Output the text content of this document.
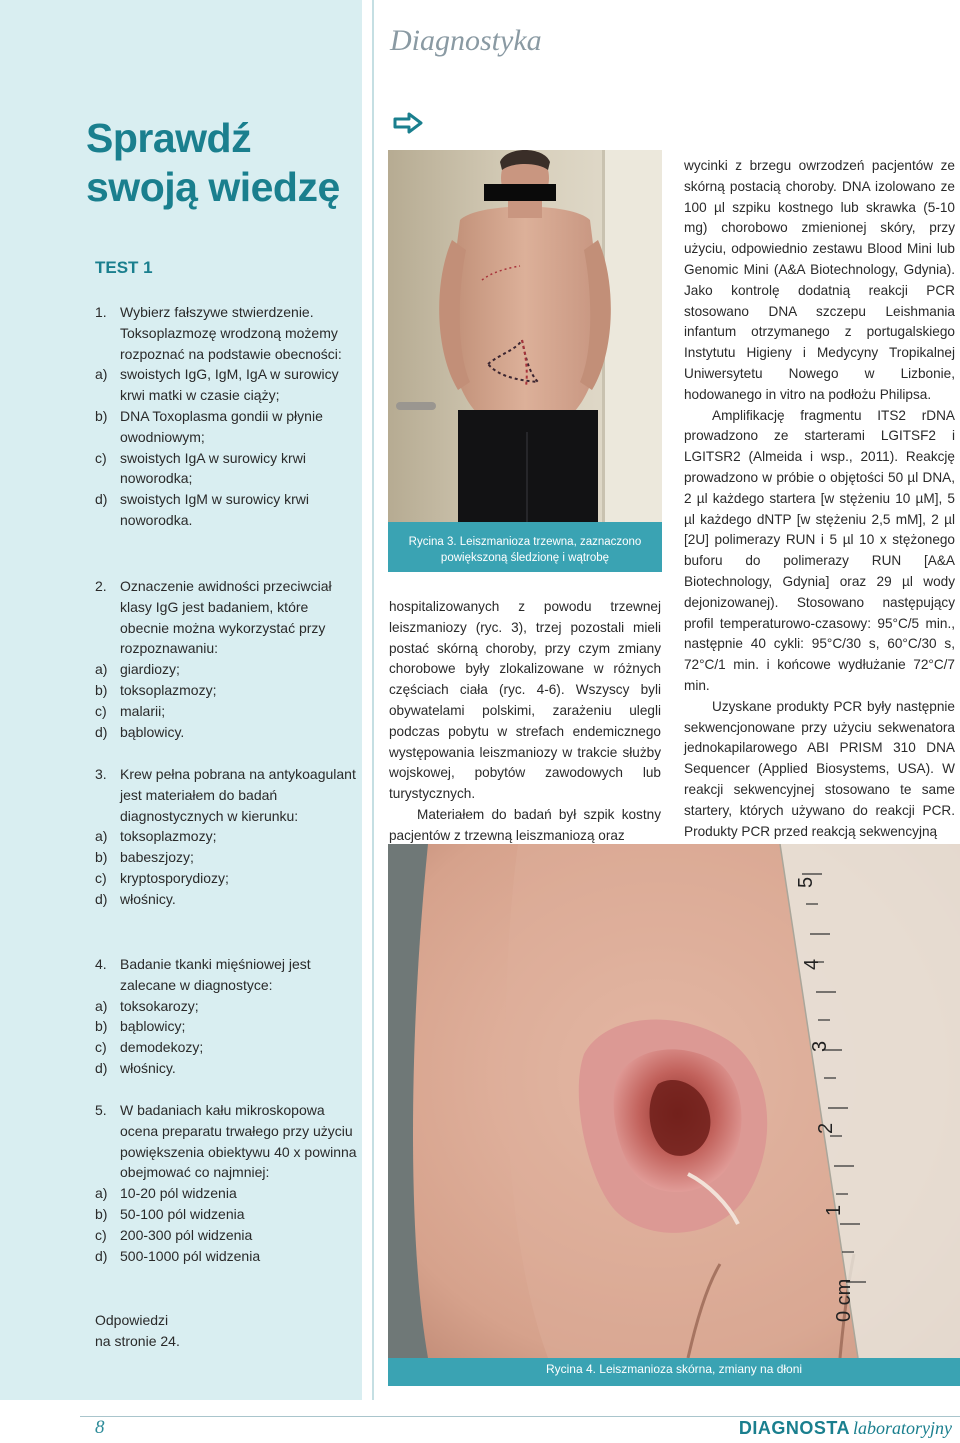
Sprawdź
swoją wiedzę
TEST 1
1. Wybierz fałszywe stwierdzenie. Toksoplazmozę wrodzoną możemy rozpoznać na podstawie obecności:
a) swoistych IgG, IgM, IgA w surowicy krwi matki w czasie ciąży;
b) DNA Toxoplasma gondii w płynie owodniowym;
c) swoistych IgA w surowicy krwi noworodka;
d) swoistych IgM w surowicy krwi noworodka.
2. Oznaczenie awidności przeciwciał klasy IgG jest badaniem, które obecnie można wykorzystać przy rozpoznawaniu:
a) giardiozy;
b) toksoplazmozy;
c) malarii;
d) bąblowicy.
3. Krew pełna pobrana na antykoagulant jest materiałem do badań diagnostycznych w kierunku:
a) toksoplazmozy;
b) babeszjozy;
c) kryptosporydiozy;
d) włośnicy.
4. Badanie tkanki mięśniowej jest zalecane w diagnostyce:
a) toksokarozy;
b) bąblowicy;
c) demodekozy;
d) włośnicy.
5. W badaniach kału mikroskopowa ocena preparatu trwałego przy użyciu powiększenia obiektywu 40 x powinna obejmować co najmniej:
a) 10-20 pól widzenia
b) 50-100 pól widzenia
c) 200-300 pól widzenia
d) 500-1000 pól widzenia
Odpowiedzi
na stronie 24.
Diagnostyka
Rycina 3. Leiszmanioza trzewna, zaznaczono powiększoną śledzionę i wątrobę

hospitalizowanych z powodu trzewnej leiszmaniozy (ryc. 3), trzej pozostali mieli postać skórną choroby, przy czym zmiany chorobowe były zlokalizowane w różnych częściach ciała (ryc. 4-6). Wszyscy byli obywatelami polskimi, zarażeniu ulegli podczas pobytu w strefach endemicznego występowania leiszmaniozy w trakcie służby wojskowej, pobytów zawodowych lub turystycznych.

Materiałem do badań był szpik kostny pacjentów z trzewną leiszmaniozą oraz

wycinki z brzegu owrzodzeń pacjentów ze skórną postacią choroby. DNA izolowano ze 100 µl szpiku kostnego lub skrawka (5-10 mg) chorobowo zmienionej skóry, przy użyciu, odpowiednio zestawu Blood Mini lub Genomic Mini (A&A Biotechnology, Gdynia). Jako kontrolę dodatnią reakcji PCR stosowano DNA szczepu Leishmania infantum otrzymanego z portugalskiego Instytutu Higieny i Medycyny Tropikalnej Uniwersytetu Nowego w Lizbonie, hodowanego in vitro na podłożu Philipsa.

Amplifikację fragmentu ITS2 rDNA prowadzono ze starterami LGITSF2 i LGITSR2 (Almeida i wsp., 2011). Reakcję prowadzono w próbie o objętości 50 µl DNA, 2 µl każdego startera [w stężeniu 10 µM], 5 µl każdego dNTP [w stężeniu 2,5 mM], 2 µl [2U] polimerazy RUN i 5 µl 10 x stężonego buforu do polimerazy RUN [A&A Biotechnology, Gdynia] oraz 29 µl wody dejonizowanej). Stosowano następujący profil temperaturowo-czasowy: 95°C/5 min., następnie 40 cykli: 95°C/30 s, 60°C/30 s, 72°C/1 min. i końcowe wydłużanie 72°C/7 min.

Uzyskane produkty PCR były następnie sekwencjonowane przy użyciu sekwenatora jednokapilarowego ABI PRISM 310 DNA Sequencer (Applied Biosystems, USA). W reakcji sekwencyjnej stosowano te same startery, których używano do reakcji PCR. Produkty PCR przed reakcją sekwencyjną

5
4
3
2
1
0 cm
Rycina 4. Leiszmanioza skórna, zmiany na dłoni
8	DIAGNOSTA laboratoryjny
